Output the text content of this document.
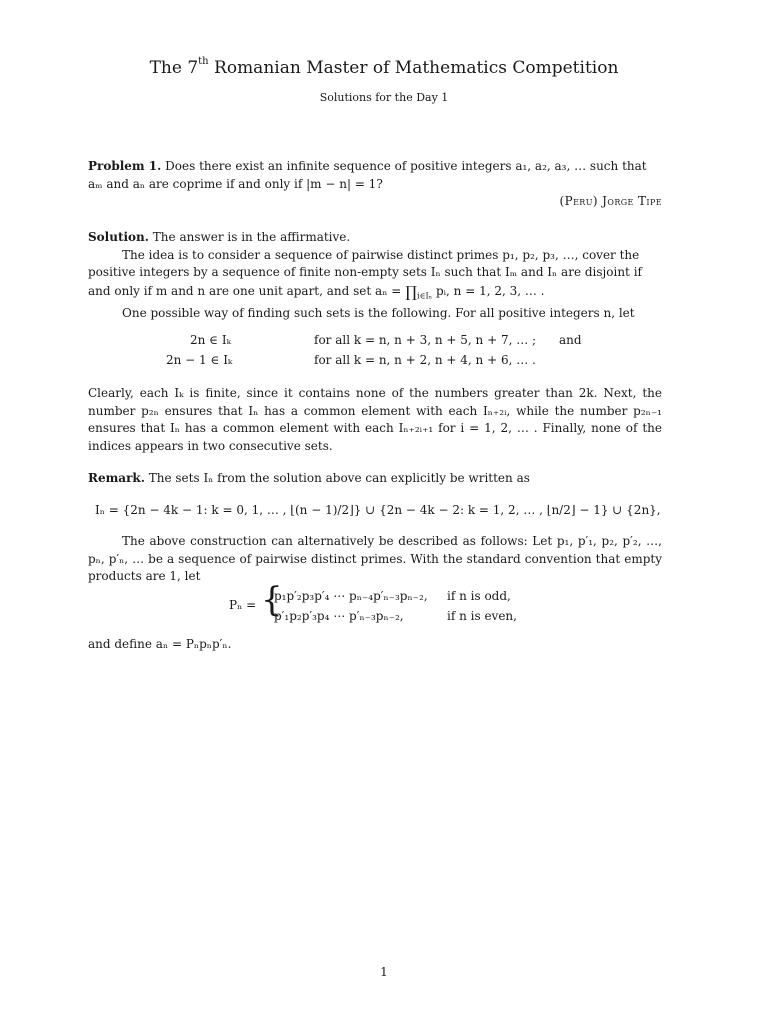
The 7th Romanian Master of Mathematics Competition
Solutions for the Day 1
Problem 1. Does there exist an infinite sequence of positive integers a₁, a₂, a₃, … such that
aₘ and aₙ are coprime if and only if |m − n| = 1?
(Peru) Jorge Tipe
Solution. The answer is in the affirmative.
The idea is to consider a sequence of pairwise distinct primes p₁, p₂, p₃, …, cover the positive integers by a sequence of finite non-empty sets Iₙ such that Iₘ and Iₙ are disjoint if and only if m and n are one unit apart, and set $a_n = \prod_{i\in I_n}$ pᵢ, n = 1, 2, 3, … .
One possible way of finding such sets is the following. For all positive integers n, let
2n ∈ Iₖ	for all k = n, n + 3, n + 5, n + 7, … ; and
2n − 1 ∈ Iₖ	for all k = n, n + 2, n + 4, n + 6, … .
Clearly, each Iₖ is finite, since it contains none of the numbers greater than 2k. Next, the number p₂ₙ ensures that Iₙ has a common element with each Iₙ₊₂ᵢ, while the number p₂ₙ₋₁ ensures that Iₙ has a common element with each Iₙ₊₂ᵢ₊₁ for i = 1, 2, … . Finally, none of the indices appears in two consecutive sets.
Remark. The sets Iₙ from the solution above can explicitly be written as
Iₙ = {2n − 4k − 1: k = 0, 1, … , ⌊(n − 1)/2⌋} ∪ {2n − 4k − 2: k = 1, 2, … , ⌊n/2⌋ − 1} ∪ {2n},
The above construction can alternatively be described as follows: Let p₁, p′₁, p₂, p′₂, …, pₙ, p′ₙ, … be a sequence of pairwise distinct primes. With the standard convention that empty products are 1, let
Pₙ = {
p₁p′₂p₃p′₄ ⋯ pₙ₋₄p′ₙ₋₃pₙ₋₂, if n is odd,
p′₁p₂p′₃p₄ ⋯ p′ₙ₋₃pₙ₋₂,	if n is even,
and define aₙ = Pₙpₙp′ₙ.
1
